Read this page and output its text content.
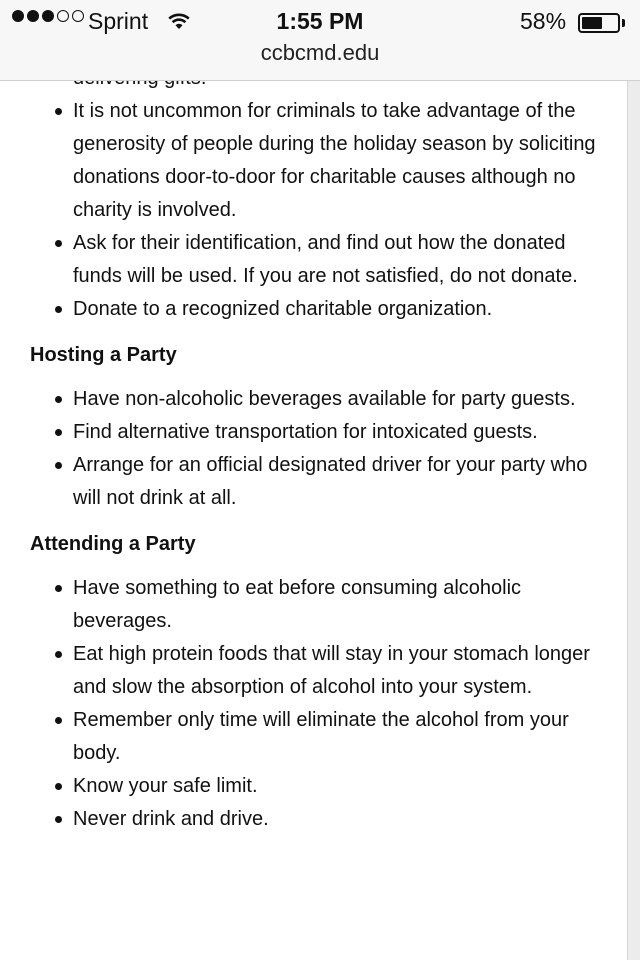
Sprint	1:55 PM	58%
ccbcmd.edu
It is not uncommon for criminals to take advantage of the generosity of people during the holiday season by soliciting donations door-to-door for charitable causes although no charity is involved.
Ask for their identification, and find out how the donated funds will be used. If you are not satisfied, do not donate.
Donate to a recognized charitable organization.
Hosting a Party
Have non-alcoholic beverages available for party guests.
Find alternative transportation for intoxicated guests.
Arrange for an official designated driver for your party who will not drink at all.
Attending a Party
Have something to eat before consuming alcoholic beverages.
Eat high protein foods that will stay in your stomach longer and slow the absorption of alcohol into your system.
Remember only time will eliminate the alcohol from your body.
Know your safe limit.
Never drink and drive.
